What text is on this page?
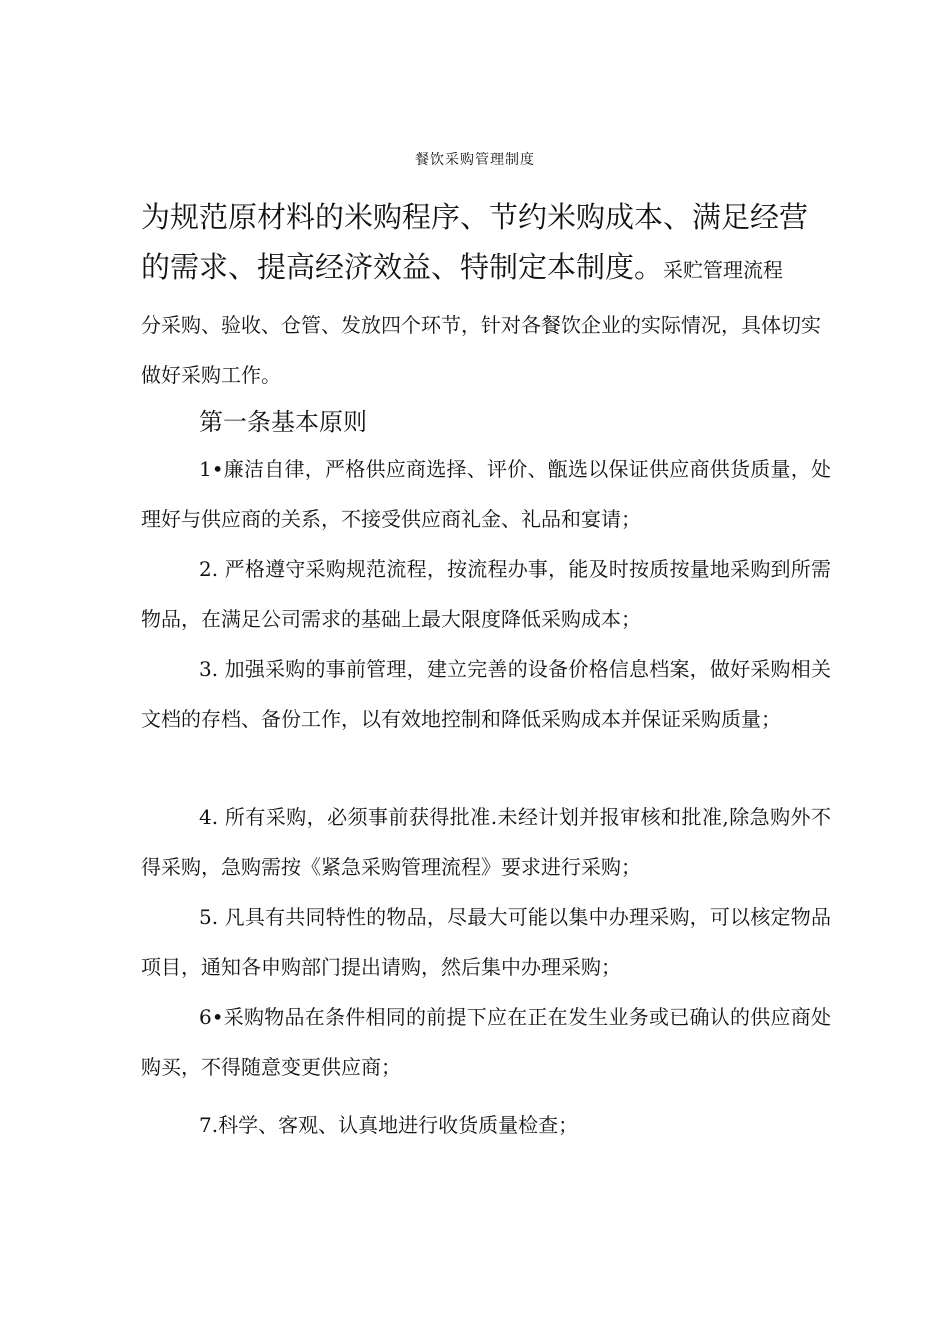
餐饮采购管理制度
为规范原材料的米购程序、节约米购成本、满足经营的需求、提高经济效益、特制定本制度。采贮管理流程
分采购、验收、仓管、发放四个环节，针对各餐饮企业的实际情况，具体切实做好采购工作。
第一条基本原则

1•廉洁自律，严格供应商选择、评价、甑选以保证供应商供货质量，处理好与供应商的关系，不接受供应商礼金、礼品和宴请；

2. 严格遵守采购规范流程，按流程办事，能及时按质按量地采购到所需物品，在满足公司需求的基础上最大限度降低采购成本；

3. 加强采购的事前管理，建立完善的设备价格信息档案，做好采购相关文档的存档、备份工作，以有效地控制和降低采购成本并保证采购质量；

4. 所有采购，必须事前获得批准.未经计划并报审核和批准,除急购外不得采购，急购需按《紧急采购管理流程》要求进行采购；

5. 凡具有共同特性的物品，尽最大可能以集中办理采购，可以核定物品项目，通知各申购部门提出请购，然后集中办理采购；

6•采购物品在条件相同的前提下应在正在发生业务或已确认的供应商处购买，不得随意变更供应商；

7.科学、客观、认真地进行收货质量检查；
